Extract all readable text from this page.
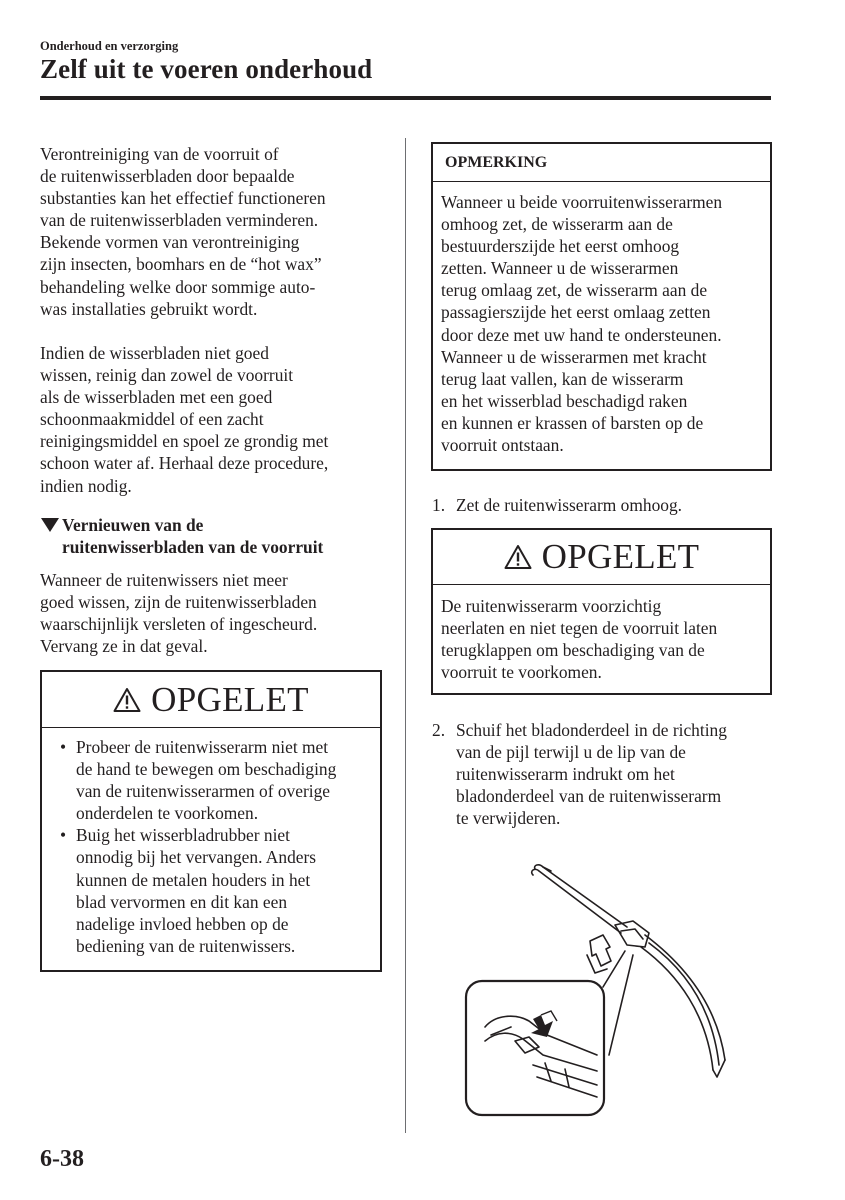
Onderhoud en verzorging
Zelf uit te voeren onderhoud

Verontreiniging van de voorruit of
de ruitenwisserbladen door bepaalde
substanties kan het effectief functioneren
van de ruitenwisserbladen verminderen.
Bekende vormen van verontreiniging
zijn insecten, boomhars en de “hot wax”
behandeling welke door sommige auto-
was installaties gebruikt wordt.

Indien de wisserbladen niet goed
wissen, reinig dan zowel de voorruit
als de wisserbladen met een goed
schoonmaakmiddel of een zacht
reinigingsmiddel en spoel ze grondig met
schoon water af. Herhaal deze procedure,
indien nodig.

Vernieuwen van de
ruitenwisserbladen van de voorruit

Wanneer de ruitenwissers niet meer
goed wissen, zijn de ruitenwisserbladen
waarschijnlijk versleten of ingescheurd.
Vervang ze in dat geval.

OPGELET
• Probeer de ruitenwisserarm niet met
de hand te bewegen om beschadiging
van de ruitenwisserarmen of overige
onderdelen te voorkomen.
• Buig het wisserbladrubber niet
onnodig bij het vervangen. Anders
kunnen de metalen houders in het
blad vervormen en dit kan een
nadelige invloed hebben op de
bediening van de ruitenwissers.
OPMERKING
Wanneer u beide voorruitenwisserarmen
omhoog zet, de wisserarm aan de
bestuurderszijde het eerst omhoog
zetten. Wanneer u de wisserarmen
terug omlaag zet, de wisserarm aan de
passagierszijde het eerst omlaag zetten
door deze met uw hand te ondersteunen.
Wanneer u de wisserarmen met kracht
terug laat vallen, kan de wisserarm
en het wisserblad beschadigd raken
en kunnen er krassen of barsten op de
voorruit ontstaan.
1. Zet de ruitenwisserarm omhoog.
OPGELET
De ruitenwisserarm voorzichtig
neerlaten en niet tegen de voorruit laten
terugklappen om beschadiging van de
voorruit te voorkomen.
2. Schuif het bladonderdeel in de richting
van de pijl terwijl u de lip van de
ruitenwisserarm indrukt om het
bladonderdeel van de ruitenwisserarm
te verwijderen.
6-38
